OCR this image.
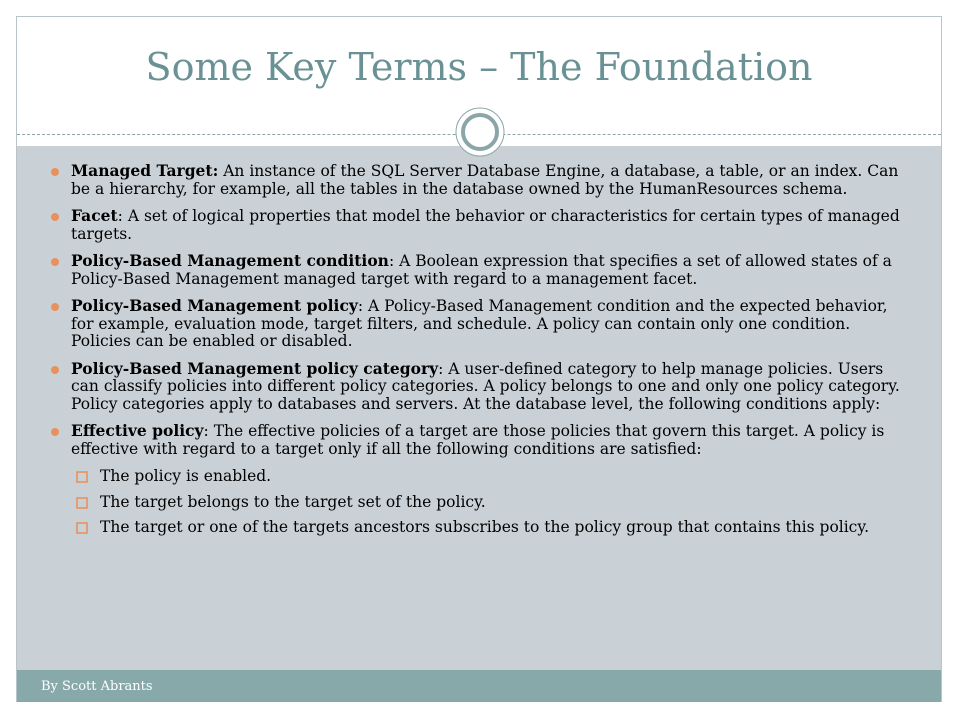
Some Key Terms – The Foundation
Managed Target: An instance of the SQL Server Database Engine, a database, a table, or an index. Can be a hierarchy, for example, all the tables in the database owned by the HumanResources schema.
Facet: A set of logical properties that model the behavior or characteristics for certain types of managed targets.
Policy-Based Management condition: A Boolean expression that specifies a set of allowed states of a Policy-Based Management managed target with regard to a management facet.
Policy-Based Management policy: A Policy-Based Management condition and the expected behavior, for example, evaluation mode, target filters, and schedule. A policy can contain only one condition. Policies can be enabled or disabled.
Policy-Based Management policy category: A user-defined category to help manage policies. Users can classify policies into different policy categories. A policy belongs to one and only one policy category. Policy categories apply to databases and servers. At the database level, the following conditions apply:
Effective policy: The effective policies of a target are those policies that govern this target. A policy is effective with regard to a target only if all the following conditions are satisfied:
The policy is enabled.
The target belongs to the target set of the policy.
The target or one of the targets ancestors subscribes to the policy group that contains this policy.
By Scott Abrants
